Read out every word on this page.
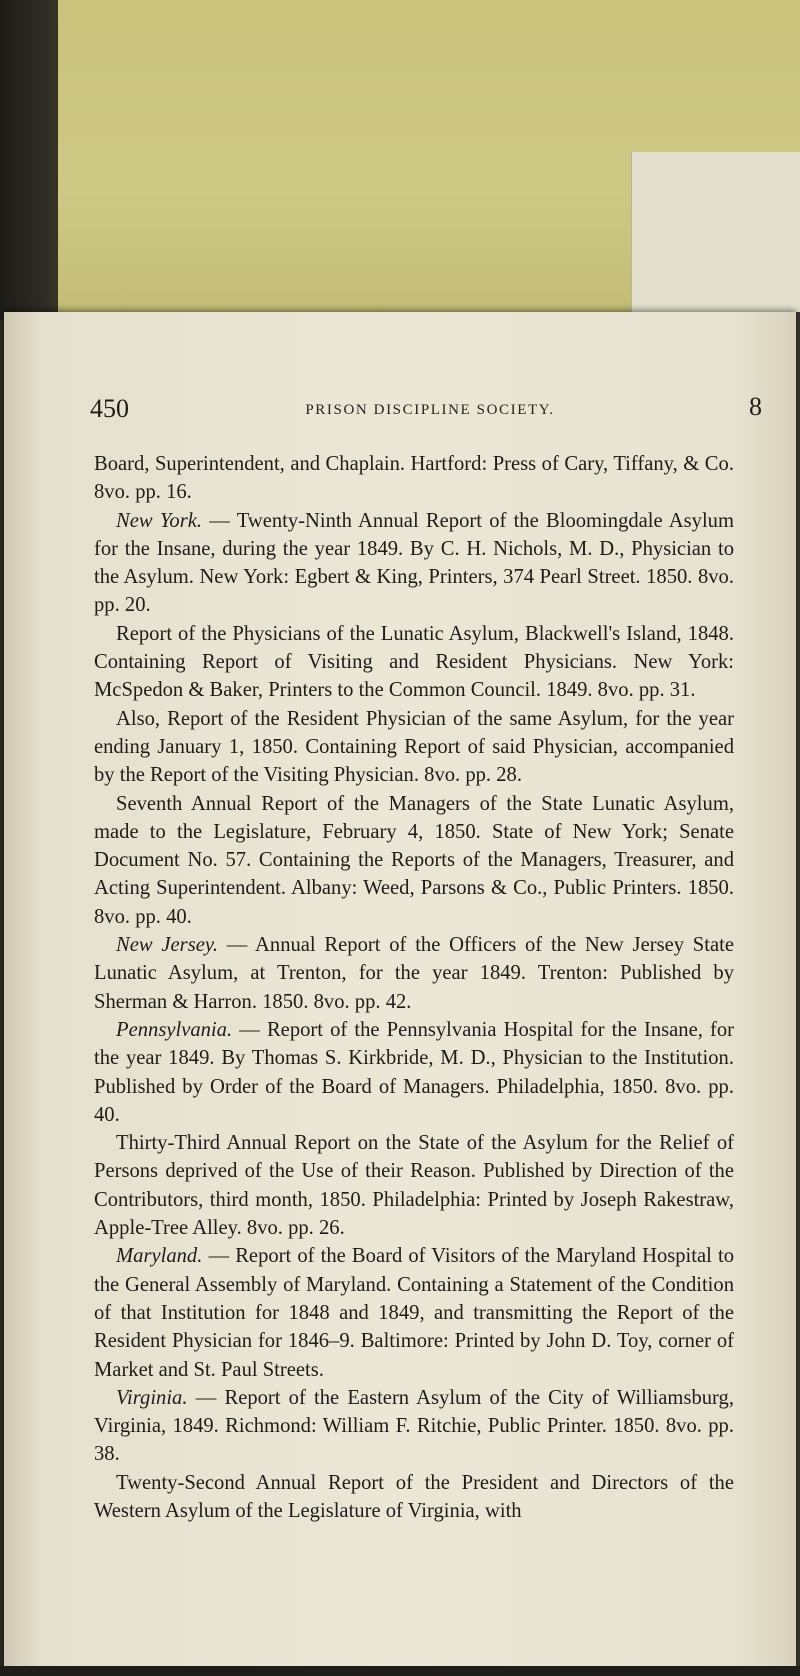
450	PRISON DISCIPLINE SOCIETY.	8

Board, Superintendent, and Chaplain. Hartford: Press of Cary, Tiffany, & Co. 8vo. pp. 16.

New York. — Twenty-Ninth Annual Report of the Bloomingdale Asylum for the Insane, during the year 1849. By C. H. Nichols, M. D., Physician to the Asylum. New York: Egbert & King, Printers, 374 Pearl Street. 1850. 8vo. pp. 20.

Report of the Physicians of the Lunatic Asylum, Blackwell's Island, 1848. Containing Report of Visiting and Resident Physicians. New York: McSpedon & Baker, Printers to the Common Council. 1849. 8vo. pp. 31.

Also, Report of the Resident Physician of the same Asylum, for the year ending January 1, 1850. Containing Report of said Physician, accompanied by the Report of the Visiting Physician. 8vo. pp. 28.

Seventh Annual Report of the Managers of the State Lunatic Asylum, made to the Legislature, February 4, 1850. State of New York; Senate Document No. 57. Containing the Reports of the Managers, Treasurer, and Acting Superintendent. Albany: Weed, Parsons & Co., Public Printers. 1850. 8vo. pp. 40.

New Jersey. — Annual Report of the Officers of the New Jersey State Lunatic Asylum, at Trenton, for the year 1849. Trenton: Published by Sherman & Harron. 1850. 8vo. pp. 42.

Pennsylvania. — Report of the Pennsylvania Hospital for the Insane, for the year 1849. By Thomas S. Kirkbride, M. D., Physician to the Institution. Published by Order of the Board of Managers. Philadelphia, 1850. 8vo. pp. 40.

Thirty-Third Annual Report on the State of the Asylum for the Relief of Persons deprived of the Use of their Reason. Published by Direction of the Contributors, third month, 1850. Philadelphia: Printed by Joseph Rakestraw, Apple-Tree Alley. 8vo. pp. 26.

Maryland. — Report of the Board of Visitors of the Maryland Hospital to the General Assembly of Maryland. Containing a Statement of the Condition of that Institution for 1848 and 1849, and transmitting the Report of the Resident Physician for 1846–9. Baltimore: Printed by John D. Toy, corner of Market and St. Paul Streets.

Virginia. — Report of the Eastern Asylum of the City of Williamsburg, Virginia, 1849. Richmond: William F. Ritchie, Public Printer. 1850. 8vo. pp. 38.

Twenty-Second Annual Report of the President and Directors of the Western Asylum of the Legislature of Virginia, with
